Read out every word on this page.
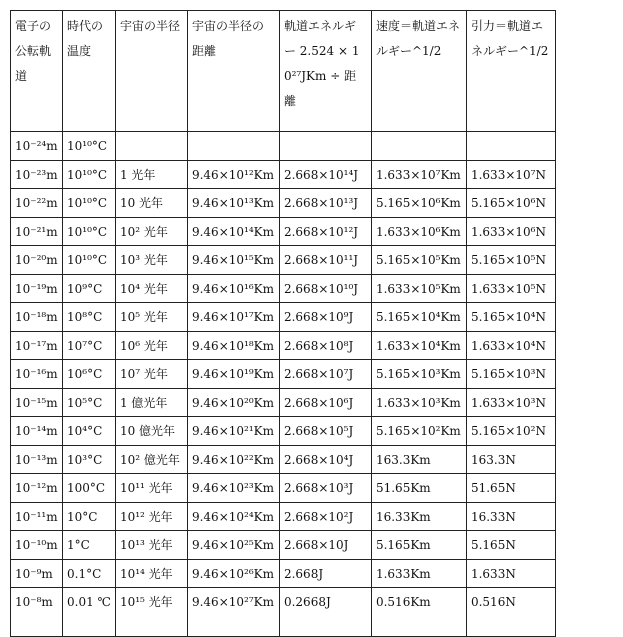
電子の公転軌道	時代の温度	宇宙の半径	宇宙の半径の距離	軌道エネルギー 2.524 × 10²⁷JKm ÷ 距離	速度＝軌道エネルギー^1/2	引力＝軌道エネルギー^1/2
10⁻²⁴m	10¹⁰°C					
10⁻²³m	10¹⁰°C	1 光年	9.46×10¹²Km	2.668×10¹⁴J	1.633×10⁷Km	1.633×10⁷N
10⁻²²m	10¹⁰°C	10 光年	9.46×10¹³Km	2.668×10¹³J	5.165×10⁶Km	5.165×10⁶N
10⁻²¹m	10¹⁰°C	10² 光年	9.46×10¹⁴Km	2.668×10¹²J	1.633×10⁶Km	1.633×10⁶N
10⁻²⁰m	10¹⁰°C	10³ 光年	9.46×10¹⁵Km	2.668×10¹¹J	5.165×10⁵Km	5.165×10⁵N
10⁻¹⁹m	10⁹°C	10⁴ 光年	9.46×10¹⁶Km	2.668×10¹⁰J	1.633×10⁵Km	1.633×10⁵N
10⁻¹⁸m	10⁸°C	10⁵ 光年	9.46×10¹⁷Km	2.668×10⁹J	5.165×10⁴Km	5.165×10⁴N
10⁻¹⁷m	10⁷°C	10⁶ 光年	9.46×10¹⁸Km	2.668×10⁸J	1.633×10⁴Km	1.633×10⁴N
10⁻¹⁶m	10⁶°C	10⁷ 光年	9.46×10¹⁹Km	2.668×10⁷J	5.165×10³Km	5.165×10³N
10⁻¹⁵m	10⁵°C	1 億光年	9.46×10²⁰Km	2.668×10⁶J	1.633×10³Km	1.633×10³N
10⁻¹⁴m	10⁴°C	10 億光年	9.46×10²¹Km	2.668×10⁵J	5.165×10²Km	5.165×10²N
10⁻¹³m	10³°C	10² 億光年	9.46×10²²Km	2.668×10⁴J	163.3Km	163.3N
10⁻¹²m	100°C	10¹¹ 光年	9.46×10²³Km	2.668×10³J	51.65Km	51.65N
10⁻¹¹m	10°C	10¹² 光年	9.46×10²⁴Km	2.668×10²J	16.33Km	16.33N
10⁻¹⁰m	1°C	10¹³ 光年	9.46×10²⁵Km	2.668×10J	5.165Km	5.165N
10⁻⁹m	0.1°C	10¹⁴ 光年	9.46×10²⁶Km	2.668J	1.633Km	1.633N
10⁻⁸m	0.01 ℃	10¹⁵ 光年	9.46×10²⁷Km	0.2668J	0.516Km	0.516N
